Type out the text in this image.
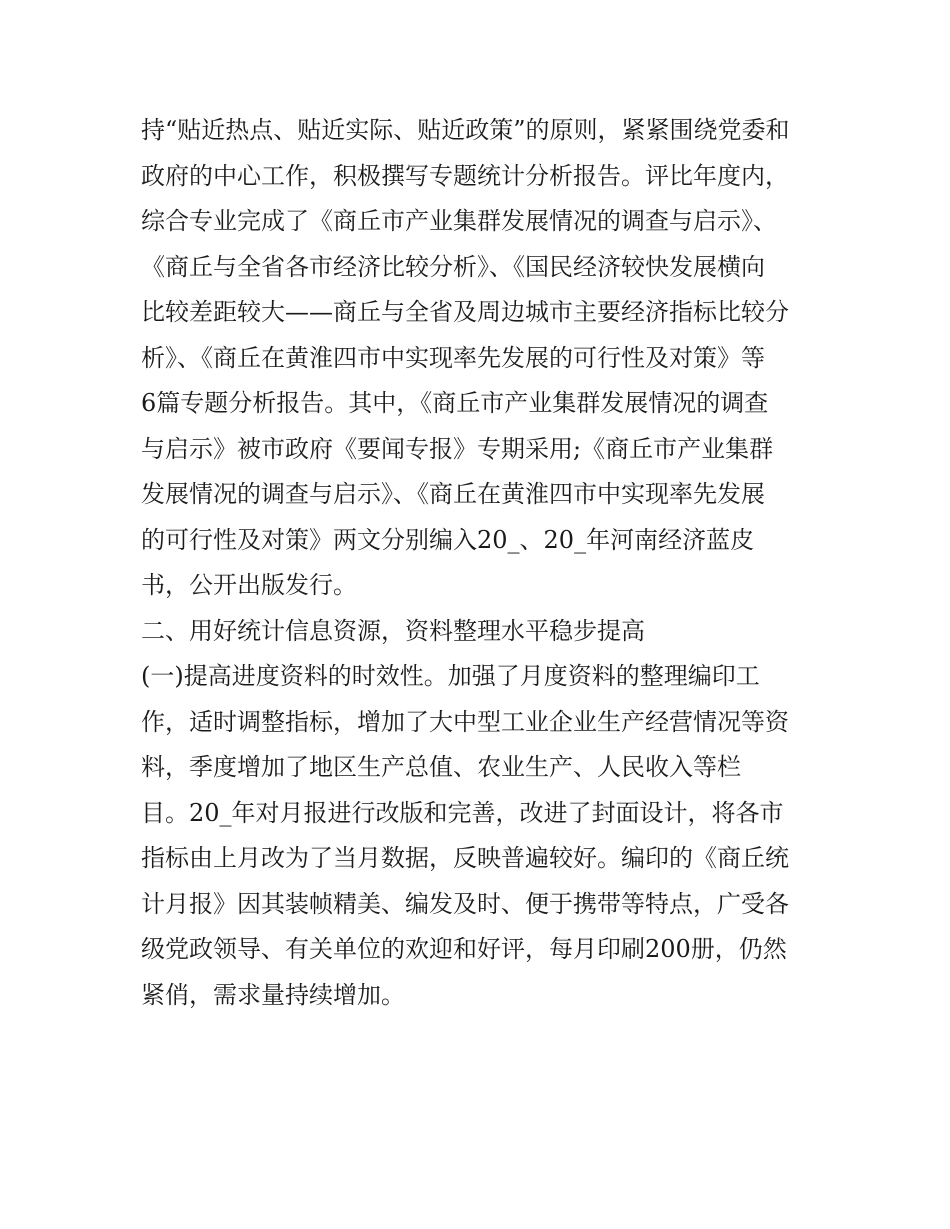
持“贴近热点、贴近实际、贴近政策”的原则，紧紧围绕党委和
政府的中心工作，积极撰写专题统计分析报告。评比年度内，
综合专业完成了《商丘市产业集群发展情况的调查与启示》、
《商丘与全省各市经济比较分析》、《国民经济较快发展横向
比较差距较大——商丘与全省及周边城市主要经济指标比较分
析》、《商丘在黄淮四市中实现率先发展的可行性及对策》等
6篇专题分析报告。其中，《商丘市产业集群发展情况的调查
与启示》被市政府《要闻专报》专期采用;《商丘市产业集群
发展情况的调查与启示》、《商丘在黄淮四市中实现率先发展
的可行性及对策》两文分别编入20_、20_年河南经济蓝皮
书，公开出版发行。
二、用好统计信息资源，资料整理水平稳步提高
(一)提高进度资料的时效性。加强了月度资料的整理编印工
作，适时调整指标，增加了大中型工业企业生产经营情况等资
料，季度增加了地区生产总值、农业生产、人民收入等栏
目。20_年对月报进行改版和完善，改进了封面设计，将各市
指标由上月改为了当月数据，反映普遍较好。编印的《商丘统
计月报》因其装帧精美、编发及时、便于携带等特点，广受各
级党政领导、有关单位的欢迎和好评，每月印刷200册，仍然
紧俏，需求量持续增加。
